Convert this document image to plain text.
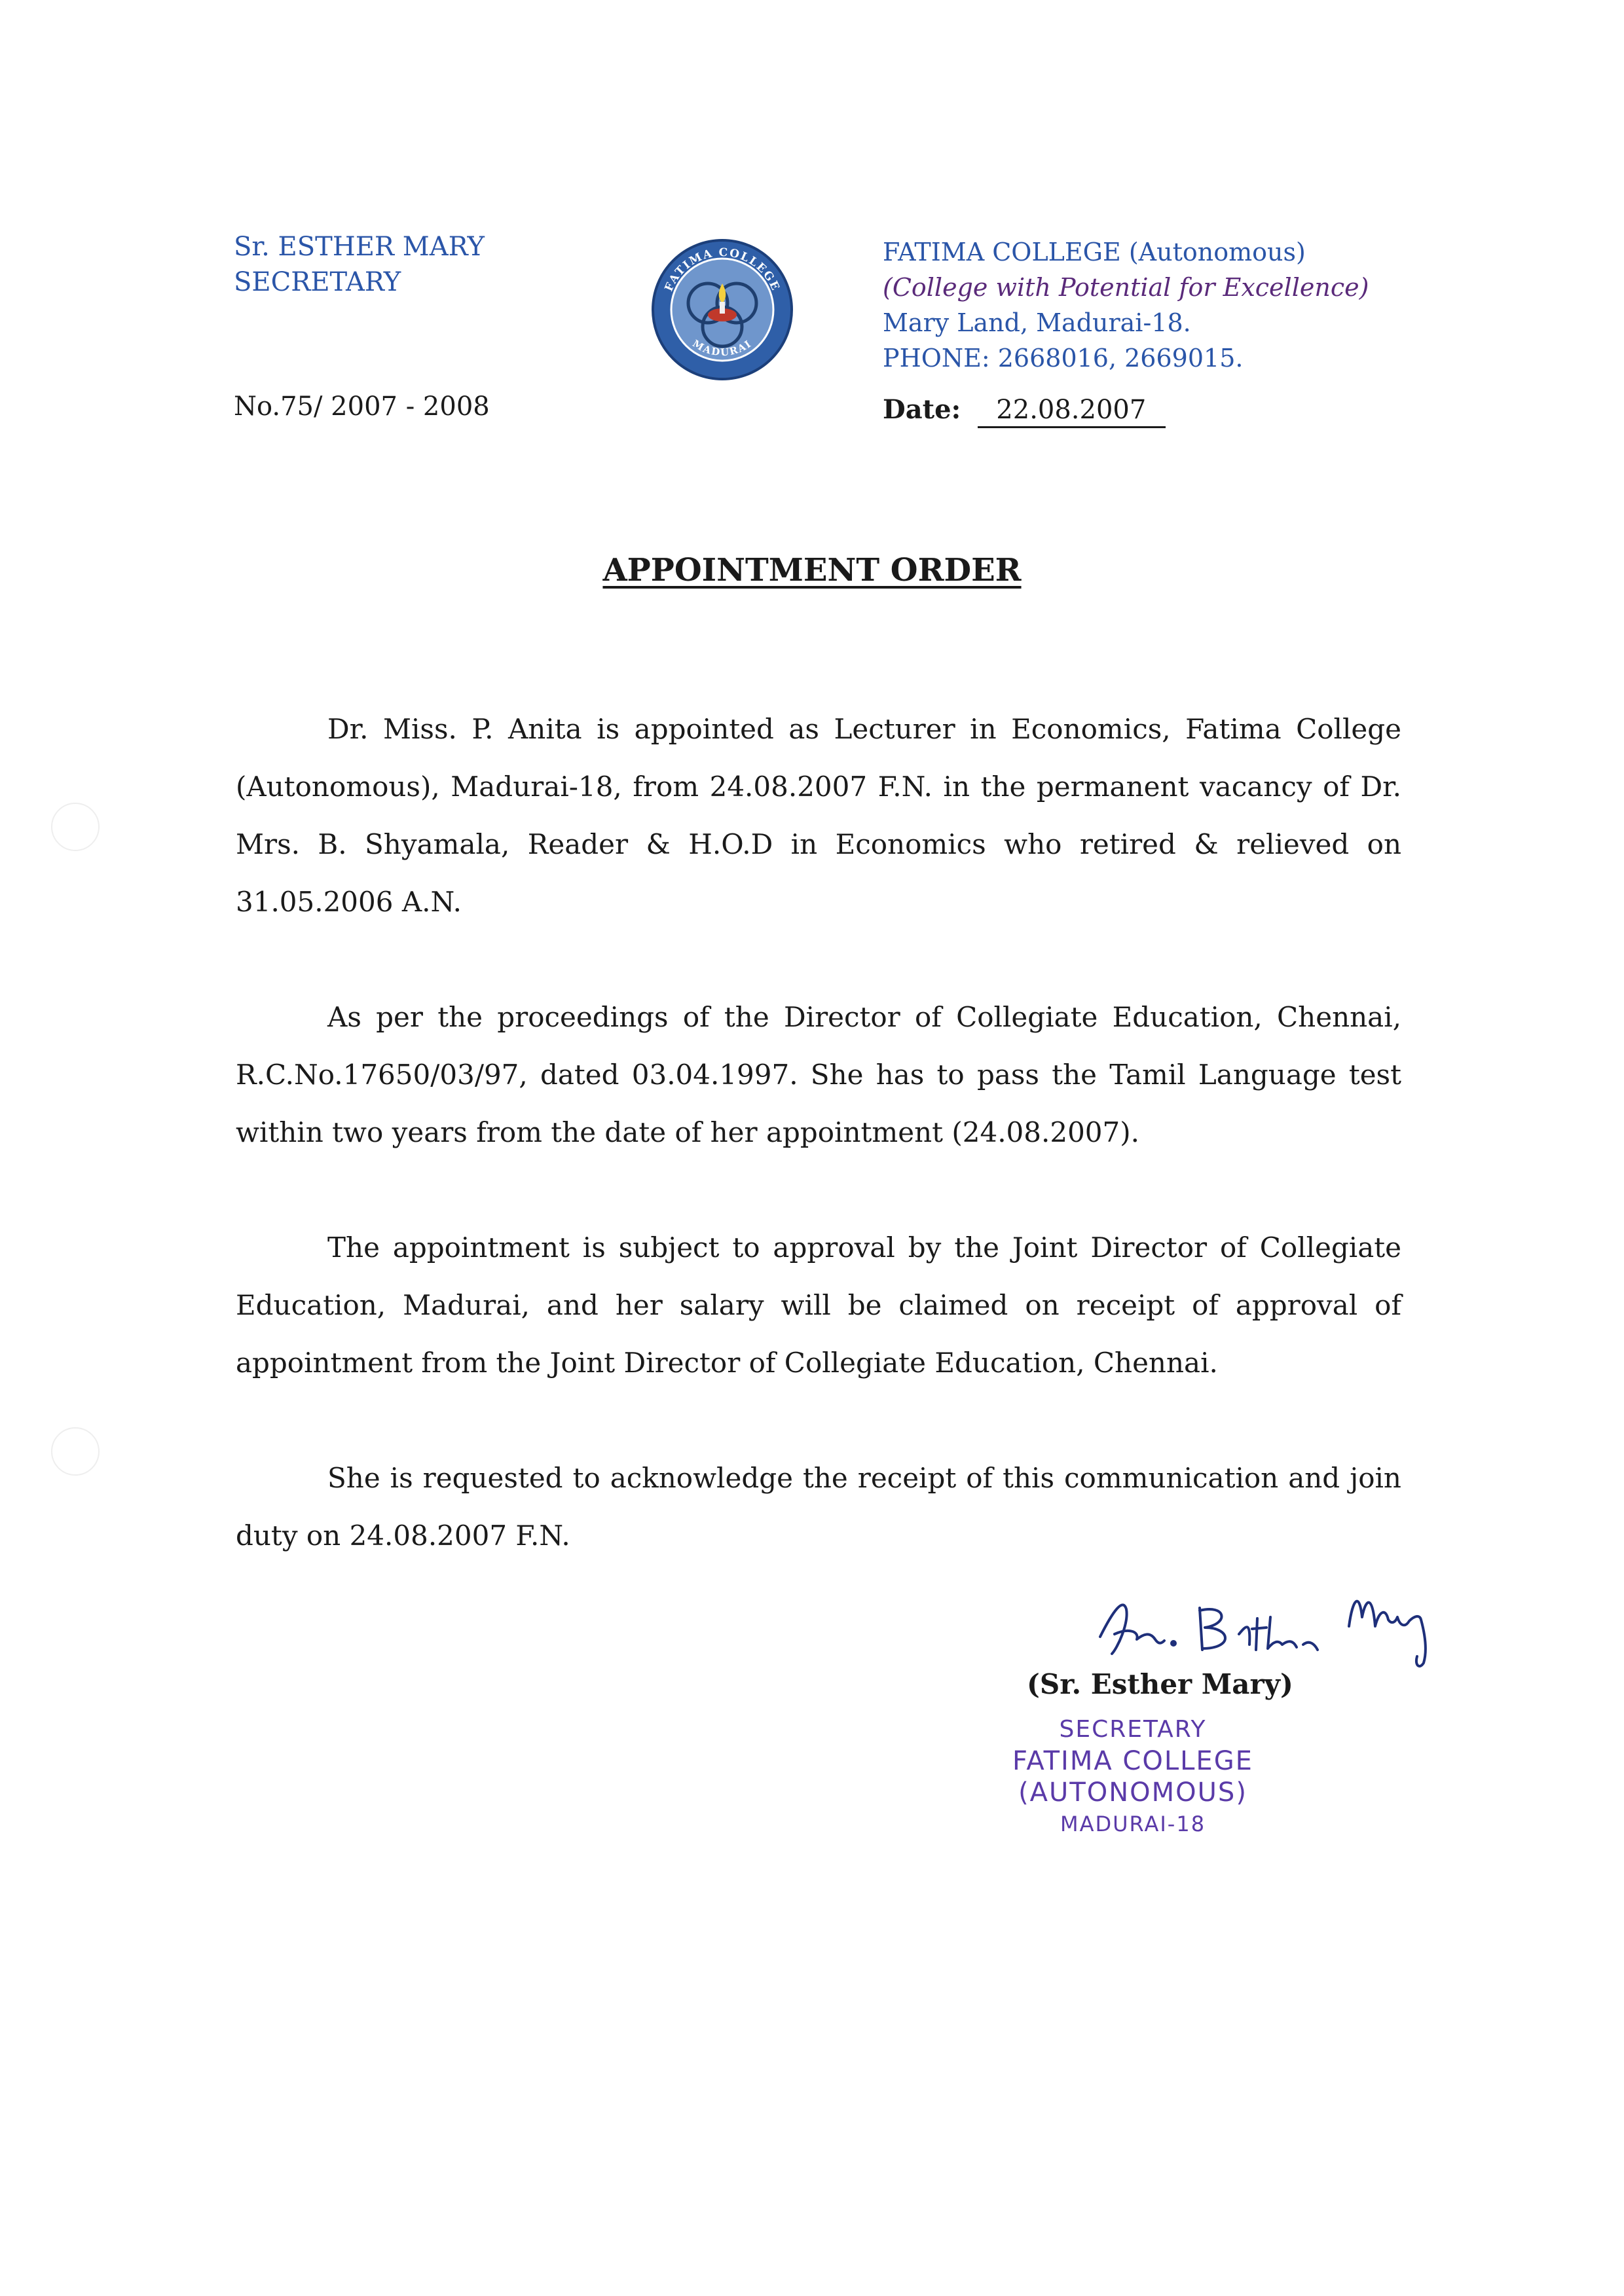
Sr. ESTHER MARY
SECRETARY	FATIMA COLLEGE
MADURAI
FATIMA COLLEGE (Autonomous)
(College with Potential for Excellence)
Mary Land, Madurai-18.
PHONE: 2668016, 2669015.
No.75/ 2007 - 2008	Date: 22.08.2007
APPOINTMENT ORDER

Dr. Miss. P. Anita is appointed as Lecturer in Economics, Fatima College (Autonomous), Madurai-18, from 24.08.2007 F.N. in the permanent vacancy of Dr. Mrs. B. Shyamala, Reader & H.O.D in Economics who retired & relieved on 31.05.2006 A.N.

As per the proceedings of the Director of Collegiate Education, Chennai, R.C.No.17650/03/97, dated 03.04.1997. She has to pass the Tamil Language test within two years from the date of her appointment (24.08.2007).

The appointment is subject to approval by the Joint Director of Collegiate Education, Madurai, and her salary will be claimed on receipt of approval of appointment from the Joint Director of Collegiate Education, Chennai.

She is requested to acknowledge the receipt of this communication and join duty on 24.08.2007 F.N.

(Sr. Esther Mary)
SECRETARY
FATIMA COLLEGE (AUTONOMOUS)
MADURAI-18
